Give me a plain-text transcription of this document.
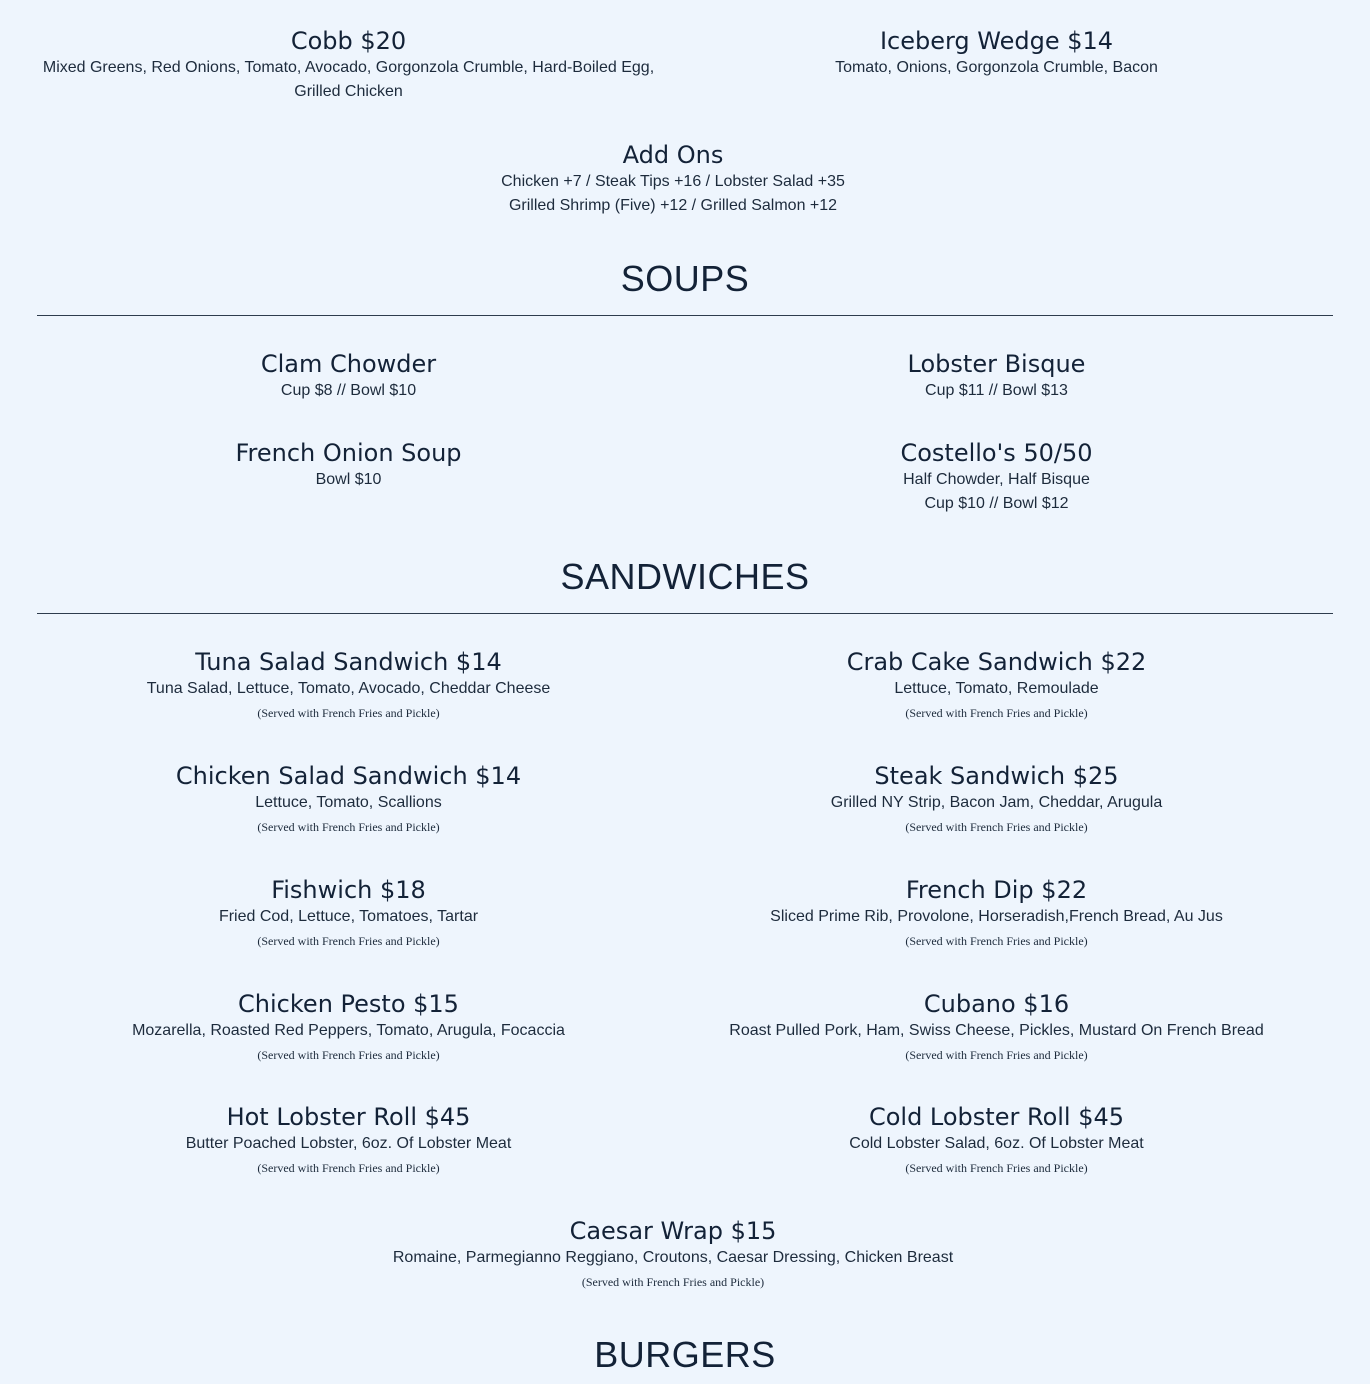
Cobb $20
Mixed Greens, Red Onions, Tomato, Avocado, Gorgonzola Crumble, Hard-Boiled Egg,
Grilled Chicken
Iceberg Wedge $14
Tomato, Onions, Gorgonzola Crumble, Bacon
Add Ons
Chicken +7 / Steak Tips +16 / Lobster Salad +35
Grilled Shrimp (Five) +12 / Grilled Salmon +12
SOUPS
Clam Chowder
Cup $8 // Bowl $10
Lobster Bisque
Cup $11 // Bowl $13
French Onion Soup
Bowl $10
Costello's 50/50
Half Chowder, Half Bisque
Cup $10 // Bowl $12
SANDWICHES
Tuna Salad Sandwich $14
Tuna Salad, Lettuce, Tomato, Avocado, Cheddar Cheese
(Served with French Fries and Pickle)
Crab Cake Sandwich $22
Lettuce, Tomato, Remoulade
(Served with French Fries and Pickle)
Chicken Salad Sandwich $14
Lettuce, Tomato, Scallions
(Served with French Fries and Pickle)
Steak Sandwich $25
Grilled NY Strip, Bacon Jam, Cheddar, Arugula
(Served with French Fries and Pickle)
Fishwich $18
Fried Cod, Lettuce, Tomatoes, Tartar
(Served with French Fries and Pickle)
French Dip $22
Sliced Prime Rib, Provolone, Horseradish,French Bread, Au Jus
(Served with French Fries and Pickle)
Chicken Pesto $15
Mozarella, Roasted Red Peppers, Tomato, Arugula, Focaccia
(Served with French Fries and Pickle)
Cubano $16
Roast Pulled Pork, Ham, Swiss Cheese, Pickles, Mustard On French Bread
(Served with French Fries and Pickle)
Hot Lobster Roll $45
Butter Poached Lobster, 6oz. Of Lobster Meat
(Served with French Fries and Pickle)
Cold Lobster Roll $45
Cold Lobster Salad, 6oz. Of Lobster Meat
(Served with French Fries and Pickle)
Caesar Wrap $15
Romaine, Parmegianno Reggiano, Croutons, Caesar Dressing, Chicken Breast
(Served with French Fries and Pickle)
BURGERS
